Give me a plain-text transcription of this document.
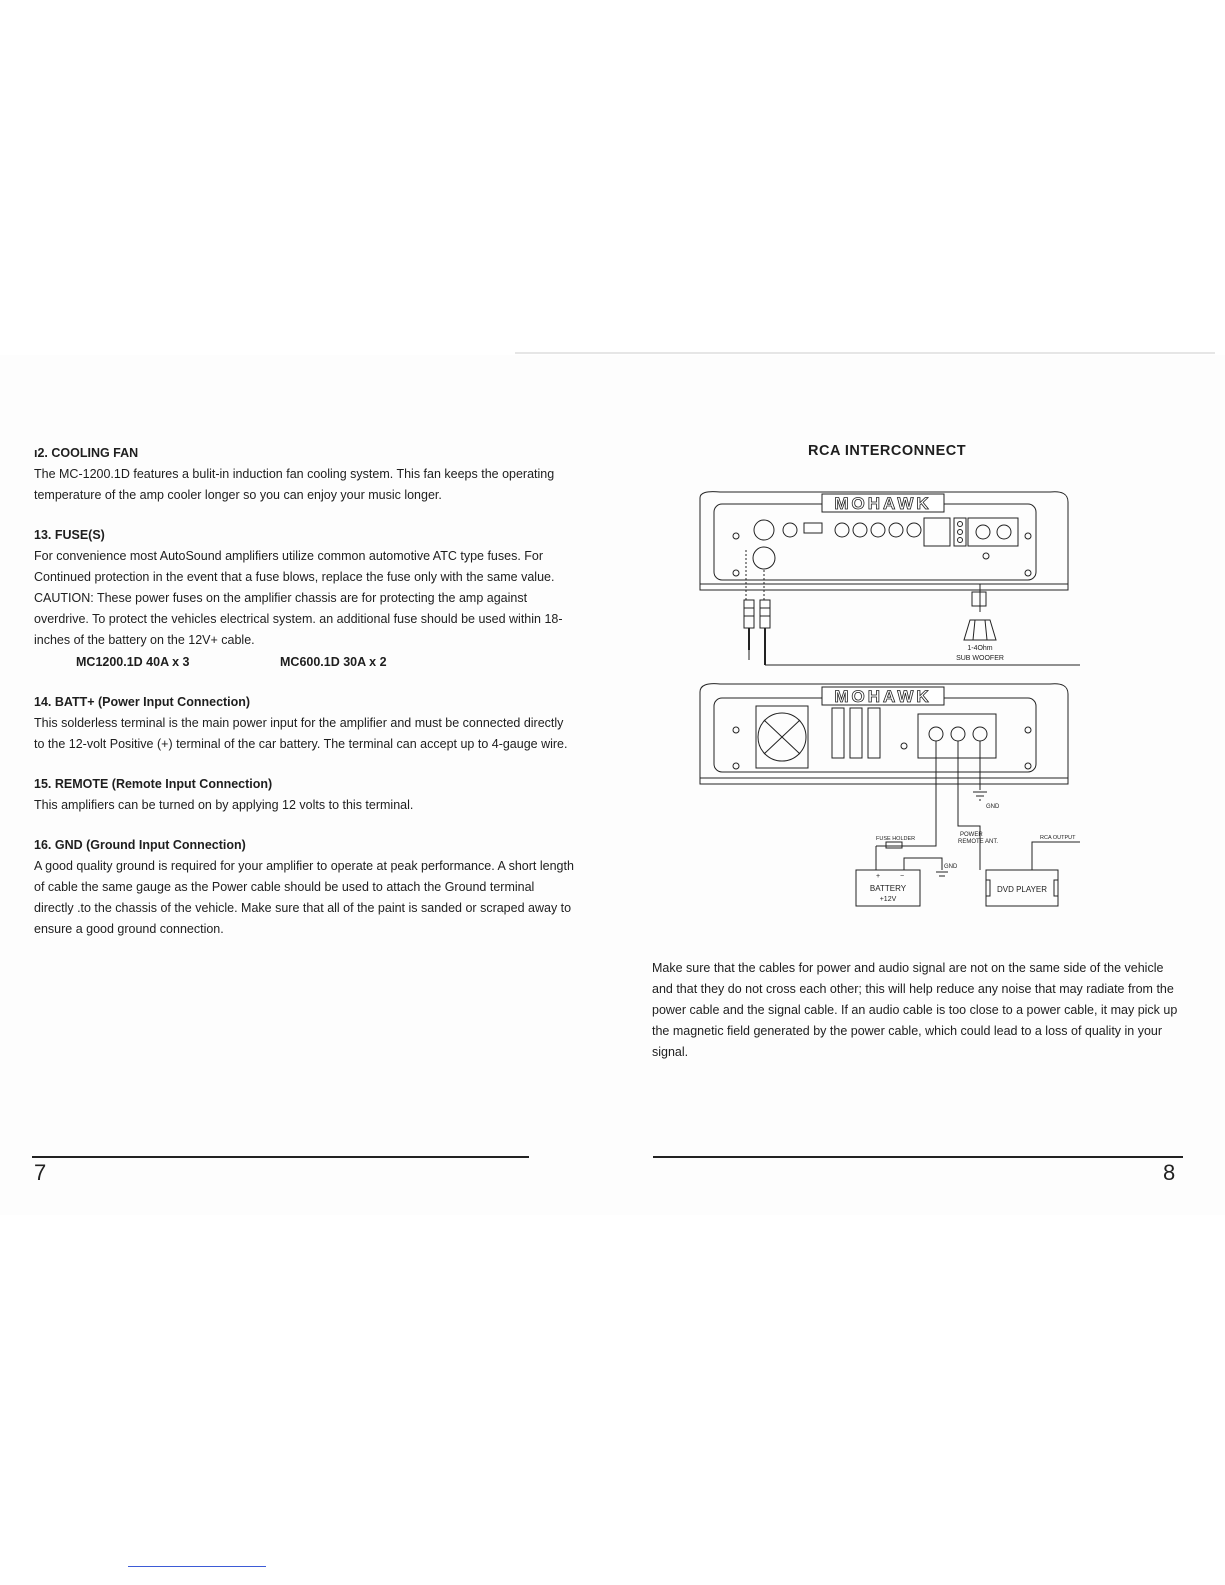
ı2. COOLING FAN
The MC-1200.1D features a bulit-in induction fan cooling system. This fan keeps the operating temperature of the amp cooler longer so you can enjoy your music longer.
13. FUSE(S)
For convenience most AutoSound amplifiers utilize common automotive ATC type fuses. For Continued protection in the event that a fuse blows, replace the fuse only with the same value. CAUTION: These power fuses on the amplifier chassis are for protecting the amp against overdrive. To protect the vehicles electrical system. an additional fuse should be used within 18-inches of the battery on the 12V+ cable.
MC1200.1D 40A x 3	MC600.1D 30A x 2
14. BATT+ (Power Input Connection)
This solderless terminal is the main power input for the amplifier and must be connected directly to the 12-volt Positive (+) terminal of the car battery. The terminal can accept up to 4-gauge wire.
15. REMOTE (Remote Input Connection)
This amplifiers can be turned on by applying 12 volts to this terminal.
16. GND (Ground Input Connection)
A good quality ground is required for your amplifier to operate at peak performance. A short length of cable the same gauge as the Power cable should be used to attach the Ground terminal directly .to the chassis of the vehicle. Make sure that all of the paint is sanded or scraped away to ensure a good ground connection.
7
RCA INTERCONNECT
MOHAWK
1-4Ohm
SUB WOOFER
MOHAWK
GND
POWER
REMOTE ANT.
FUSE HOLDER	RCA OUTPUT
GND
+	−
BATTERY
+12V
DVD PLAYER
Make sure that the cables for power and audio signal are not on the same side of the vehicle and that they do not cross each other; this will help reduce any noise that may radiate from the power cable and the signal cable. If an audio cable is too close to a power cable, it may pick up the magnetic field generated by the power cable, which could lead to a loss of quality in your signal.
8
